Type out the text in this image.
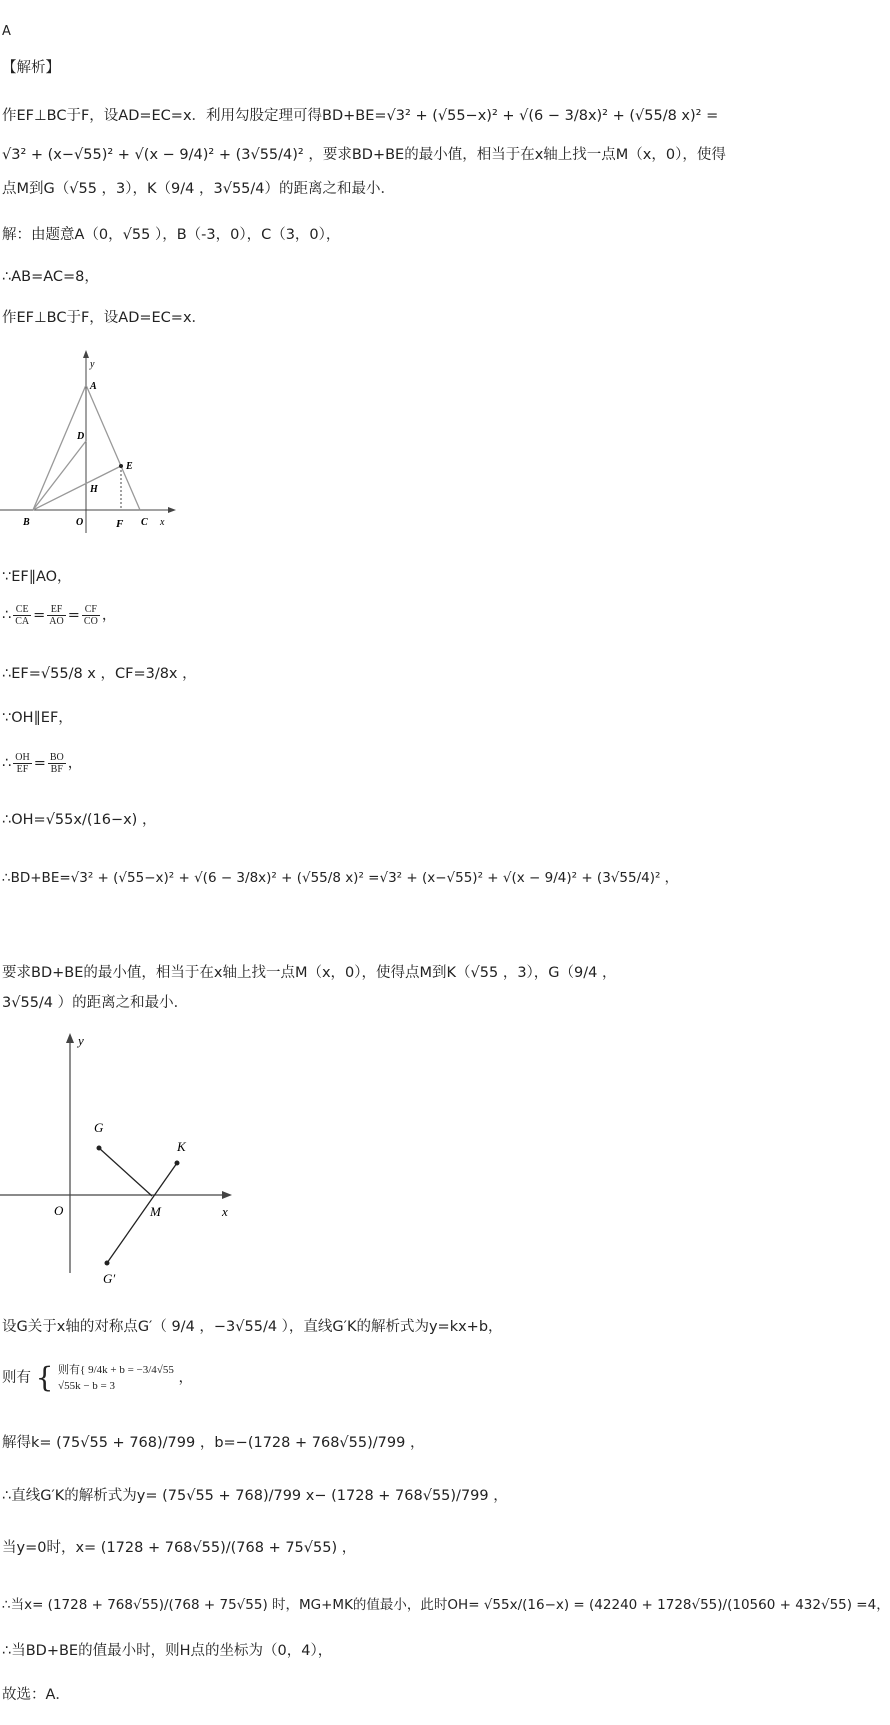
A
【解析】
作EF⊥BC于F，设AD=EC=x．利用勾股定理可得BD+BE=√3² + (√55−x)² + √(6 − 3/8x)² + (√55/8 x)² =
√3² + (x−√55)² + √(x − 9/4)² + (3√55/4)² ，要求BD+BE的最小值，相当于在x轴上找一点M（x，0），使得
点M到G（√55 ，3），K（9/4 ，3√55/4）的距离之和最小．
解：由题意A（0，√55 ），B（-3，0），C（3，0），
∴AB=AC=8，
作EF⊥BC于F，设AD=EC=x．
y
A
D
E
H
B	O	F C x
∵EF∥AO，
∴ $\frac{CE}{CA} = \frac{EF}{AO} = \frac{CF}{CO}$ ，
∴EF=√55/8 x ，CF=3/8x ，
∵OH∥EF，
∴ $\frac{OH}{EF} = \frac{BO}{BF}$ ，
∴OH=√55x/(16−x) ，
∴BD+BE=√3² + (√55−x)² + √(6 − 3/8x)² + (√55/8 x)² =√3² + (x−√55)² + √(x − 9/4)² + (3√55/4)² ，
要求BD+BE的最小值，相当于在x轴上找一点M（x，0），使得点M到K（√55 ，3），G（9/4 ，
3√55/4 ）的距离之和最小．
y
G
K
O	M	x
G′
设G关于x轴的对称点G′（ 9/4 ，−3√55/4 ），直线G′K的解析式为y=kx+b，
则有 { 则有{ 9/4k + b = −3/4√55
√55k − b = 3	，
解得k= (75√55 + 768)/799 ，b=−(1728 + 768√55)/799 ，
∴直线G′K的解析式为y= (75√55 + 768)/799 x− (1728 + 768√55)/799 ，
当y=0时，x= (1728 + 768√55)/(768 + 75√55) ，
∴当x= (1728 + 768√55)/(768 + 75√55) 时，MG+MK的值最小，此时OH= √55x/(16−x) = (42240 + 1728√55)/(10560 + 432√55) =4，
∴当BD+BE的值最小时，则H点的坐标为（0，4），
故选：A．
